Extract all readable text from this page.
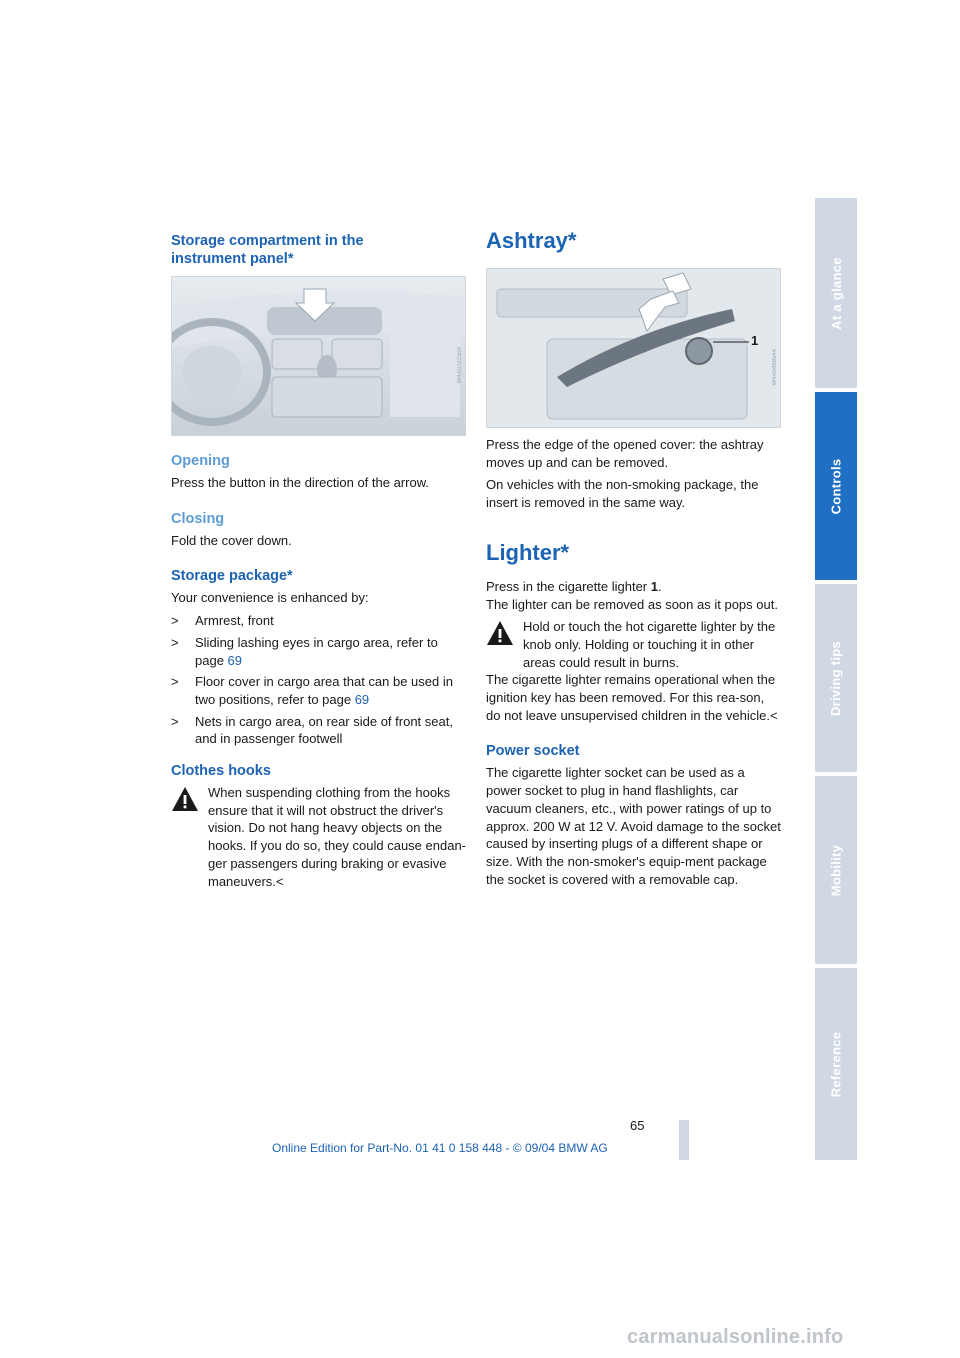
Storage compartment in the instrument panel*
W4A0721504
Opening

Press the button in the direction of the arrow.

Closing

Fold the cover down.

Storage package*

Your convenience is enhanced by:

> Armrest, front
> Sliding lashing eyes in cargo area, refer to page 69
> Floor cover in cargo area that can be used in two positions, refer to page 69
> Nets in cargo area, on rear side of front seat, and in passenger footwell
Clothes hooks

When suspending clothing from the hooks ensure that it will not obstruct the driver's vision. Do not hang heavy objects on the hooks. If you do so, they could cause endan-ger passengers during braking or evasive maneuvers.<

Ashtray*
1
W4A0488544

Press the edge of the opened cover: the ashtray moves up and can be removed.

On vehicles with the non-smoking package, the insert is removed in the same way.

Lighter*

Press in the cigarette lighter 1.

The lighter can be removed as soon as it pops out.

Hold or touch the hot cigarette lighter by the knob only. Holding or touching it in other areas could result in burns.

The cigarette lighter remains operational when the ignition key has been removed. For this rea-son, do not leave unsupervised children in the vehicle.<

Power socket

The cigarette lighter socket can be used as a power socket to plug in hand flashlights, car vacuum cleaners, etc., with power ratings of up to approx. 200 W at 12 V. Avoid damage to the socket caused by inserting plugs of a different shape or size. With the non-smoker's equip-ment package the socket is covered with a removable cap.

At a glance
Controls
Driving tips
Mobility
Reference
65
Online Edition for Part-No. 01 41 0 158 448 - © 09/04 BMW AG
carmanualsonline.info
